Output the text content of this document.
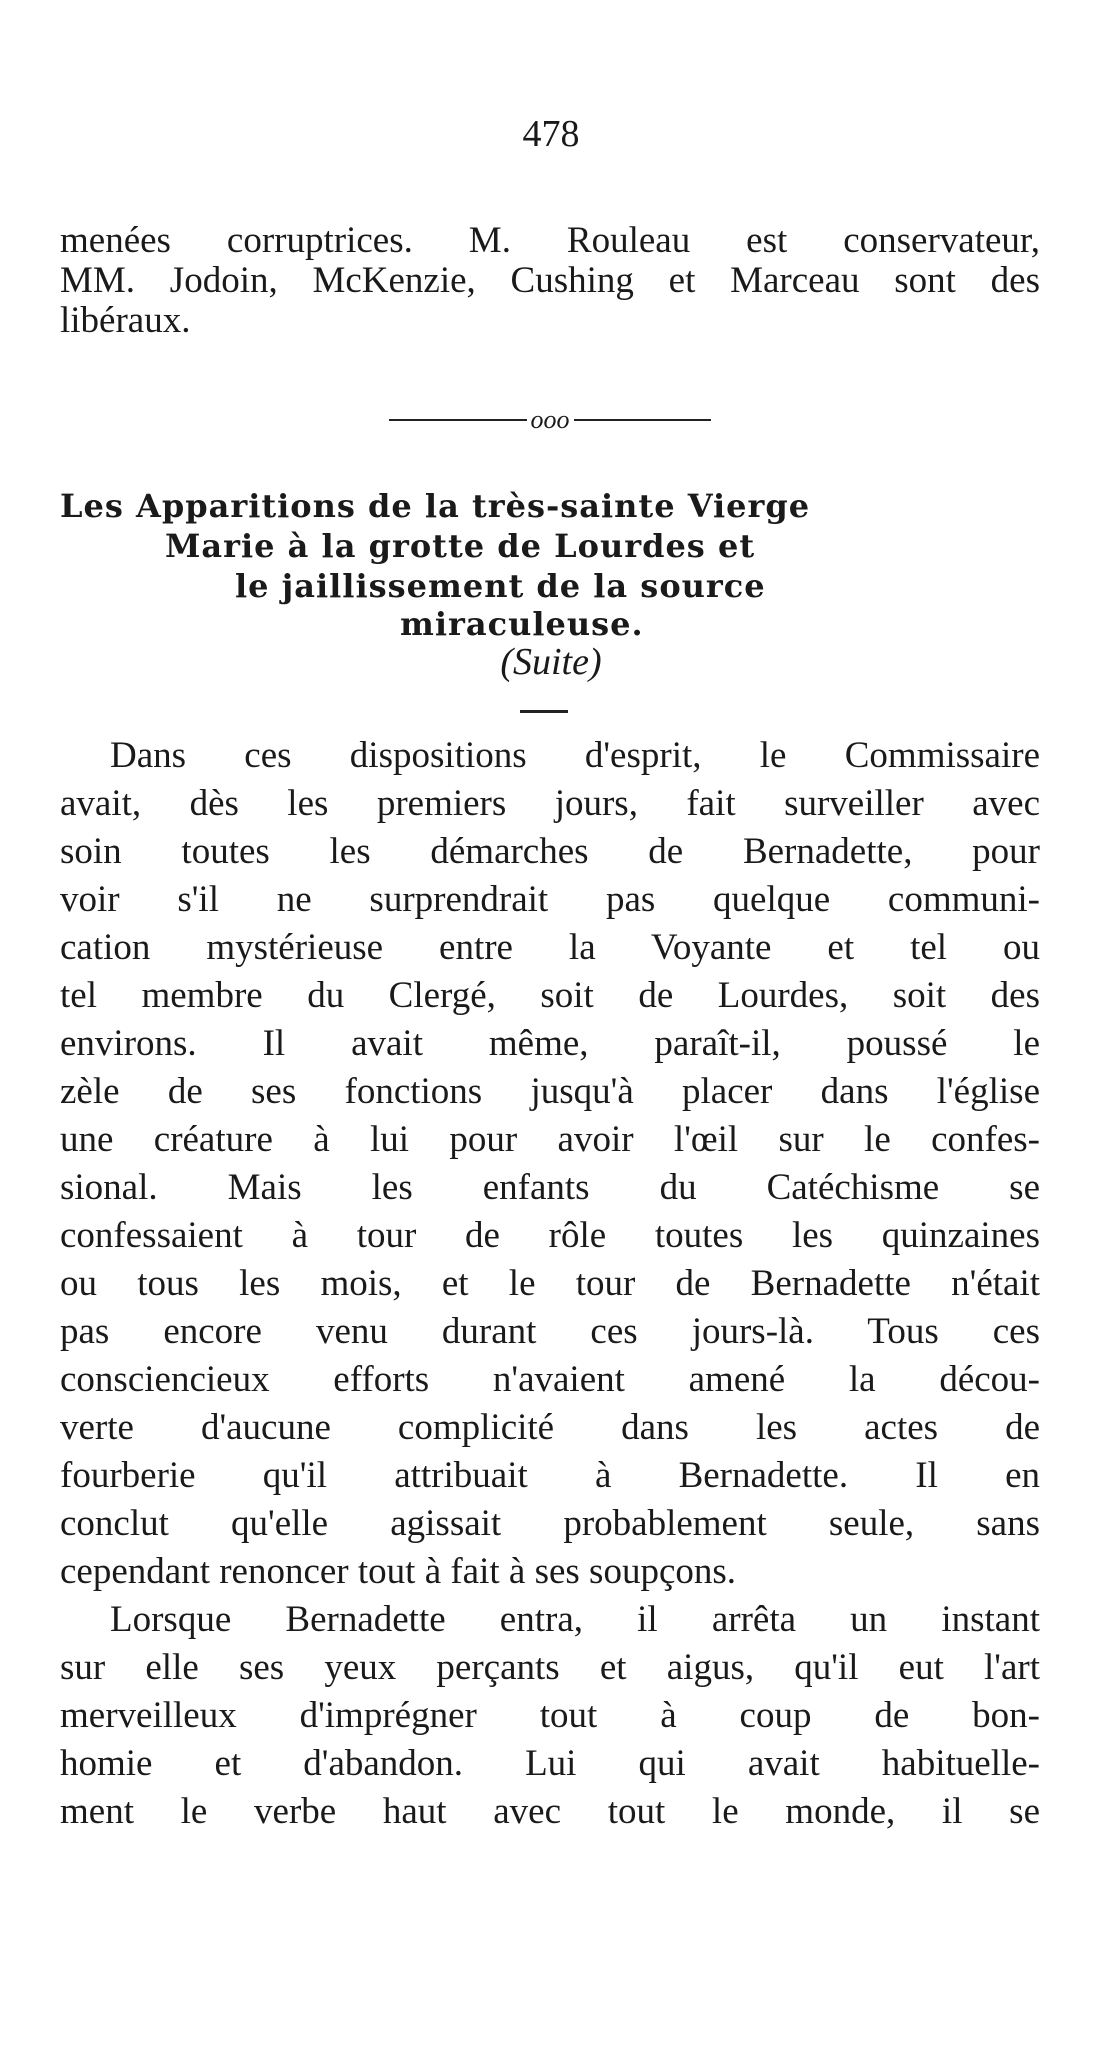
478
menées corruptrices. M. Rouleau est conservateur,
MM. Jodoin, McKenzie, Cushing et Marceau sont des
libéraux.
ooo
Les Apparitions de la très-sainte Vierge
Marie à la grotte de Lourdes et
le jaillissement de la source
miraculeuse.
(Suite)
Dans ces dispositions d'esprit, le Commissaire
avait, dès les premiers jours, fait surveiller avec
soin toutes les démarches de Bernadette, pour
voir s'il ne surprendrait pas quelque communi-
cation mystérieuse entre la Voyante et tel ou
tel membre du Clergé, soit de Lourdes, soit des
environs. Il avait même, paraît-il, poussé le
zèle de ses fonctions jusqu'à placer dans l'église
une créature à lui pour avoir l'œil sur le confes-
sional. Mais les enfants du Catéchisme se
confessaient à tour de rôle toutes les quinzaines
ou tous les mois, et le tour de Bernadette n'était
pas encore venu durant ces jours-là. Tous ces
consciencieux efforts n'avaient amené la décou-
verte d'aucune complicité dans les actes de
fourberie qu'il attribuait à Bernadette. Il en
conclut qu'elle agissait probablement seule, sans
cependant renoncer tout à fait à ses soupçons.
Lorsque Bernadette entra, il arrêta un instant
sur elle ses yeux perçants et aigus, qu'il eut l'art
merveilleux d'imprégner tout à coup de bon-
homie et d'abandon. Lui qui avait habituelle-
ment le verbe haut avec tout le monde, il se
